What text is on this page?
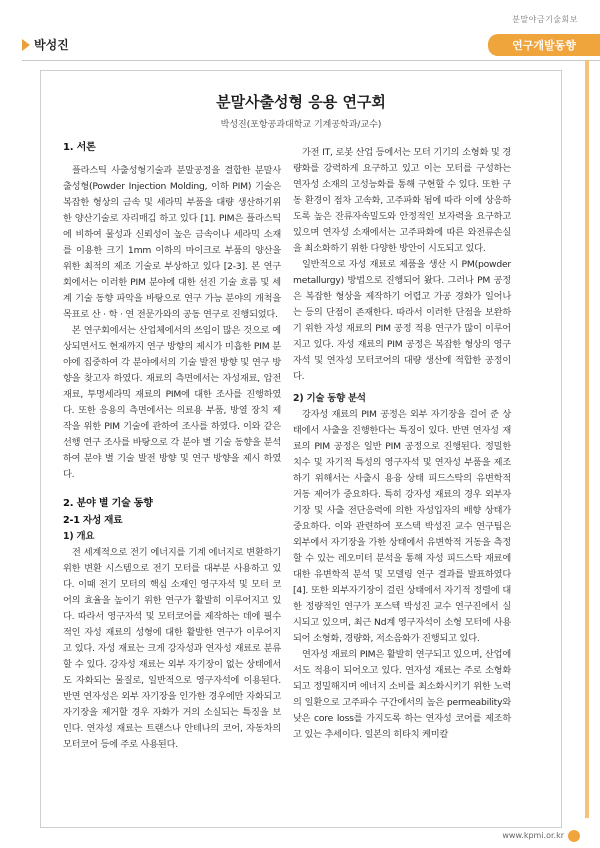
분말야금기술회보
박성진	연구개발동향
분말사출성형 응용 연구회
박성진(포항공과대학교 기계공학과/교수)
1. 서론

플라스틱 사출성형기술과 분말공정을 결합한 분말사출성형(Powder Injection Molding, 이하 PIM) 기술은 복잡한 형상의 금속 및 세라믹 부품을 대량 생산하기위한 양산기술로 자리매김 하고 있다 [1]. PIM은 플라스틱에 비하여 물성과 신뢰성이 높은 금속이나 세라믹 소재를 이용한 크기 1mm 이하의 마이크로 부품의 양산을 위한 최적의 제조 기술로 부상하고 있다 [2-3]. 본 연구회에서는 이러한 PIM 분야에 대한 선진 기술 흐름 및 세계 기술 동향 파악을 바탕으로 연구 가능 분야의 개척을 목표로 산 · 학 · 연 전문가와의 공동 연구로 진행되었다.

본 연구회에서는 산업체에서의 쓰임이 많은 것으로 예상되면서도 현재까지 연구 방향의 제시가 미흡한 PIM 분야에 집중하여 각 분야에서의 기술 발전 방향 및 연구 방향을 찾고자 하였다. 재료의 측면에서는 자성재료, 압전 재료, 투명세라믹 재료의 PIM에 대한 조사를 진행하였다. 또한 응용의 측면에서는 의료용 부품, 방열 장치 제작을 위한 PIM 기술에 관하여 조사를 하였다. 이와 같은 선행 연구 조사를 바탕으로 각 분야 별 기술 동향을 분석하여 분야 별 기술 발전 방향 및 연구 방향을 제시 하였다.

2. 분야 별 기술 동향
2-1 자성 재료
1) 개요

전 세계적으로 전기 에너지를 기계 에너지로 변환하기 위한 변환 시스템으로 전기 모터를 대부분 사용하고 있다. 이때 전기 모터의 핵심 소재인 영구자석 및 모터 코어의 효율을 높이기 위한 연구가 활발히 이루어지고 있다. 따라서 영구자석 및 모터코어를 제작하는 데에 필수적인 자성 재료의 성형에 대한 활발한 연구가 이루어지고 있다. 자성 재료는 크게 강자성과 연자성 재료로 분류할 수 있다. 강자성 재료는 외부 자기장이 없는 상태에서도 자화되는 물질로, 일반적으로 영구자석에 이용된다. 반면 연자성은 외부 자기장을 인가한 경우에만 자화되고 자기장을 제거할 경우 자화가 거의 소실되는 특징을 보인다. 연자성 재료는 트랜스나 안테나의 코어, 자동차의 모터코어 등에 주로 사용된다.

가전 IT, 로봇 산업 등에서는 모터 기기의 소형화 및 경량화를 강력하게 요구하고 있고 이는 모터를 구성하는 연자성 소재의 고성능화를 통해 구현할 수 있다. 또한 구동 환경이 점차 고속화, 고주파화 됨에 따라 이에 상응하도록 높은 잔류자속밀도와 안정적인 보자력을 요구하고 있으며 연자성 소재에서는 고주파화에 따른 와전류손실을 최소화하기 위한 다양한 방안이 시도되고 있다.

일반적으로 자성 재료로 제품을 생산 시 PM(powder metallurgy) 방법으로 진행되어 왔다. 그러나 PM 공정은 복잡한 형상을 제작하기 어렵고 가공 경화가 일어나는 등의 단점이 존재한다. 따라서 이러한 단점을 보완하기 위한 자성 재료의 PIM 공정 적용 연구가 많이 이루어지고 있다. 자성 재료의 PIM 공정은 복잡한 형상의 영구자석 및 연자성 모터코어의 대량 생산에 적합한 공정이다.

2) 기술 동향 분석

강자성 재료의 PIM 공정은 외부 자기장을 걸어 준 상태에서 사출을 진행한다는 특징이 있다. 반면 연자성 재료의 PIM 공정은 일반 PIM 공정으로 진행된다. 정밀한 치수 및 자기적 특성의 영구자석 및 연자성 부품을 제조하기 위해서는 사출시 용융 상태 피드스탁의 유변학적 거동 제어가 중요하다. 특히 강자성 재료의 경우 외부자기장 및 사출 전단응력에 의한 자성입자의 배향 상태가 중요하다. 이와 관련하여 포스텍 박성진 교수 연구팀은 외부에서 자기장을 가한 상태에서 유변학적 거동을 측정할 수 있는 레오미터 분석을 통해 자성 피드스탁 재료에 대한 유변학적 분석 및 모델링 연구 결과를 발표하였다 [4]. 또한 외부자기장이 걸린 상태에서 자기적 정렬에 대한 정량적인 연구가 포스텍 박성진 교수 연구진에서 실시되고 있으며, 최근 Nd계 영구자석이 소형 모터에 사용되어 소형화, 경량화, 저소음화가 진행되고 있다.

연자성 재료의 PIM은 활발히 연구되고 있으며, 산업에서도 적용이 되어오고 있다. 연자성 재료는 주로 소형화되고 정밀해지며 에너지 소비를 최소화시키기 위한 노력의 일환으로 고주파수 구간에서의 높은 permeability와 낮은 core loss를 가지도록 하는 연자성 코어를 제조하고 있는 추세이다. 일본의 히타치 케미칼

www.kpmi.or.kr
